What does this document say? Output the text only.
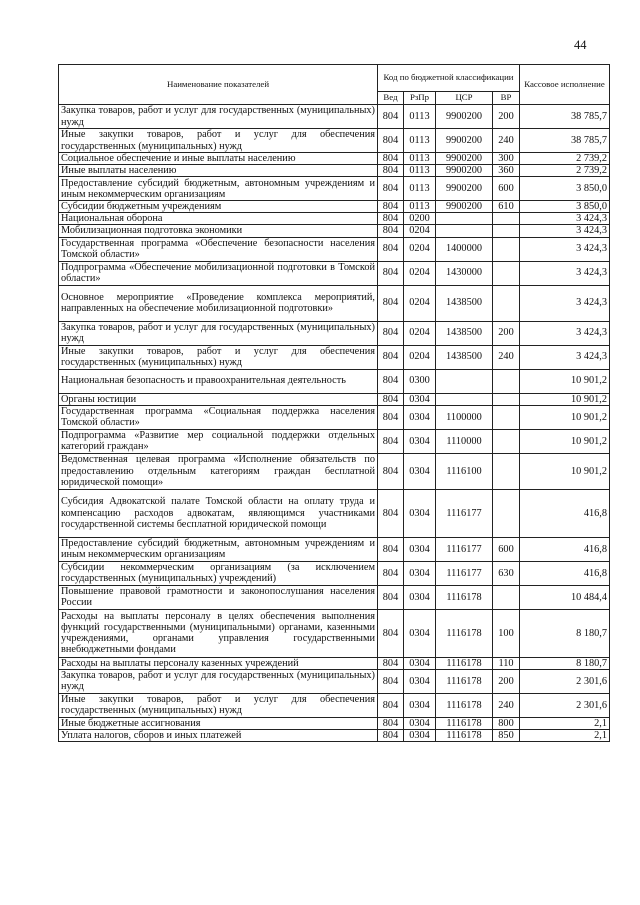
44
Наименование показателей	Код по бюджетной классификации				Кассовое исполнение
	Вед	РзПр	ЦСР	ВР	
Закупка товаров, работ и услуг для государственных (муниципальных) нужд	804	0113	9900200	200	38 785,7
Иные закупки товаров, работ и услуг для обеспечения государственных (муниципальных) нужд	804	0113	9900200	240	38 785,7
Социальное обеспечение и иные выплаты населению	804	0113	9900200	300	2 739,2
Иные выплаты населению	804	0113	9900200	360	2 739,2
Предоставление субсидий бюджетным, автономным учреждениям и иным некоммерческим организациям	804	0113	9900200	600	3 850,0
Субсидии бюджетным учреждениям	804	0113	9900200	610	3 850,0
Национальная оборона	804	0200			3 424,3
Мобилизационная подготовка экономики	804	0204			3 424,3
Государственная программа «Обеспечение безопасности населения Томской области»	804	0204	1400000		3 424,3
Подпрограмма «Обеспечение мобилизационной подготовки в Томской области»	804	0204	1430000		3 424,3
Основное мероприятие «Проведение комплекса мероприятий, направленных на обеспечение мобилизационной подготовки»	804	0204	1438500		3 424,3
Закупка товаров, работ и услуг для государственных (муниципальных) нужд	804	0204	1438500	200	3 424,3
Иные закупки товаров, работ и услуг для обеспечения государственных (муниципальных) нужд	804	0204	1438500	240	3 424,3
Национальная безопасность и правоохранительная деятельность	804	0300			10 901,2
Органы юстиции	804	0304			10 901,2
Государственная программа «Социальная поддержка населения Томской области»	804	0304	1100000		10 901,2
Подпрограмма «Развитие мер социальной поддержки отдельных категорий граждан»	804	0304	1110000		10 901,2
Ведомственная целевая программа «Исполнение обязательств по предоставлению отдельным категориям граждан бесплатной юридической помощи»	804	0304	1116100		10 901,2
Субсидия Адвокатской палате Томской области на оплату труда и компенсацию расходов адвокатам, являющимся участниками государственной системы бесплатной юридической помощи	804	0304	1116177		416,8
Предоставление субсидий бюджетным, автономным учреждениям и иным некоммерческим организациям	804	0304	1116177	600	416,8
Субсидии некоммерческим организациям (за исключением государственных (муниципальных) учреждений)	804	0304	1116177	630	416,8
Повышение правовой грамотности и законопослушания населения России	804	0304	1116178		10 484,4
Расходы на выплаты персоналу в целях обеспечения выполнения функций государственными (муниципальными) органами, казенными учреждениями, органами управления государственными внебюджетными фондами	804	0304	1116178	100	8 180,7
Расходы на выплаты персоналу казенных учреждений	804	0304	1116178	110	8 180,7
Закупка товаров, работ и услуг для государственных (муниципальных) нужд	804	0304	1116178	200	2 301,6
Иные закупки товаров, работ и услуг для обеспечения государственных (муниципальных) нужд	804	0304	1116178	240	2 301,6
Иные бюджетные ассигнования	804	0304	1116178	800	2,1
Уплата налогов, сборов и иных платежей	804	0304	1116178	850	2,1
